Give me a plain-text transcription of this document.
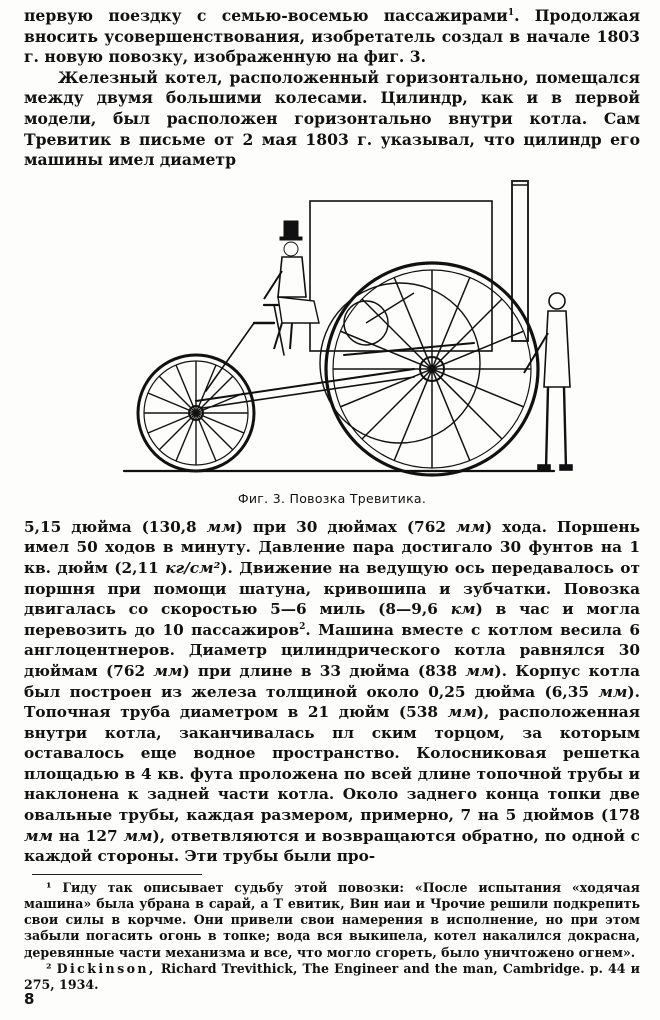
первую поездку с семью-восемью пассажирами$^1$. Продолжая вносить усовершенствования, изобретатель создал в начале 1803 г. новую повозку, изображенную на фиг. 3.

Железный котел, расположенный горизонтально, помещался между двумя большими колесами. Цилиндр, как и в первой модели, был расположен горизонтально внутри котла. Сам Тревитик в письме от 2 мая 1803 г. указывал, что цилиндр его машины имел диаметр

Фиг. 3. Повозка Тревитика.

5,15 дюйма (130,8 мм) при 30 дюймах (762 мм) хода. Поршень имел 50 ходов в минуту. Давление пара достигало 30 фунтов на 1 кв. дюйм (2,11 кг/см²). Движение на ведущую ось передавалось от поршня при помощи шатуна, кривошипа и зубчатки. Повозка двигалась со скоростью 5—6 миль (8—9,6 км) в час и могла перевозить до 10 пассажиров$^2$. Машина вместе с котлом весила 6 англоцентнеров. Диаметр цилиндрического котла равнялся 30 дюймам (762 мм) при длине в 33 дюйма (838 мм). Корпус котла был построен из железа толщиной около 0,25 дюйма (6,35 мм). Топочная труба диаметром в 21 дюйм (538 мм), расположенная внутри котла, заканчивалась пл ским торцом, за которым оставалось еще водное пространство. Колосниковая решетка площадью в 4 кв. фута проложена по всей длине топочной трубы и наклонена к задней части котла. Около заднего конца топки две овальные трубы, каждая размером, примерно, 7 на 5 дюймов (178 мм на 127 мм), ответвляются и возвращаются обратно, по одной с каждой стороны. Эти трубы были про-

¹ Гиду так описывает судьбу этой повозки: «После испытания «ходячая машина» была убрана в сарай, а Т евитик, Вин иаи и Чрочие решили подкрепить свои силы в корчме. Они привели свои намерения в исполнение, но при этом забыли погасить огонь в топке; вода вся выкипела, котел накалился докрасна, деревянные части механизма и все, что могло сгореть, было уничтожено огнем».

² Dickinson, Richard Trevithick, The Engineer and the man, Cambridge. p. 44 и 275, 1934.

8
